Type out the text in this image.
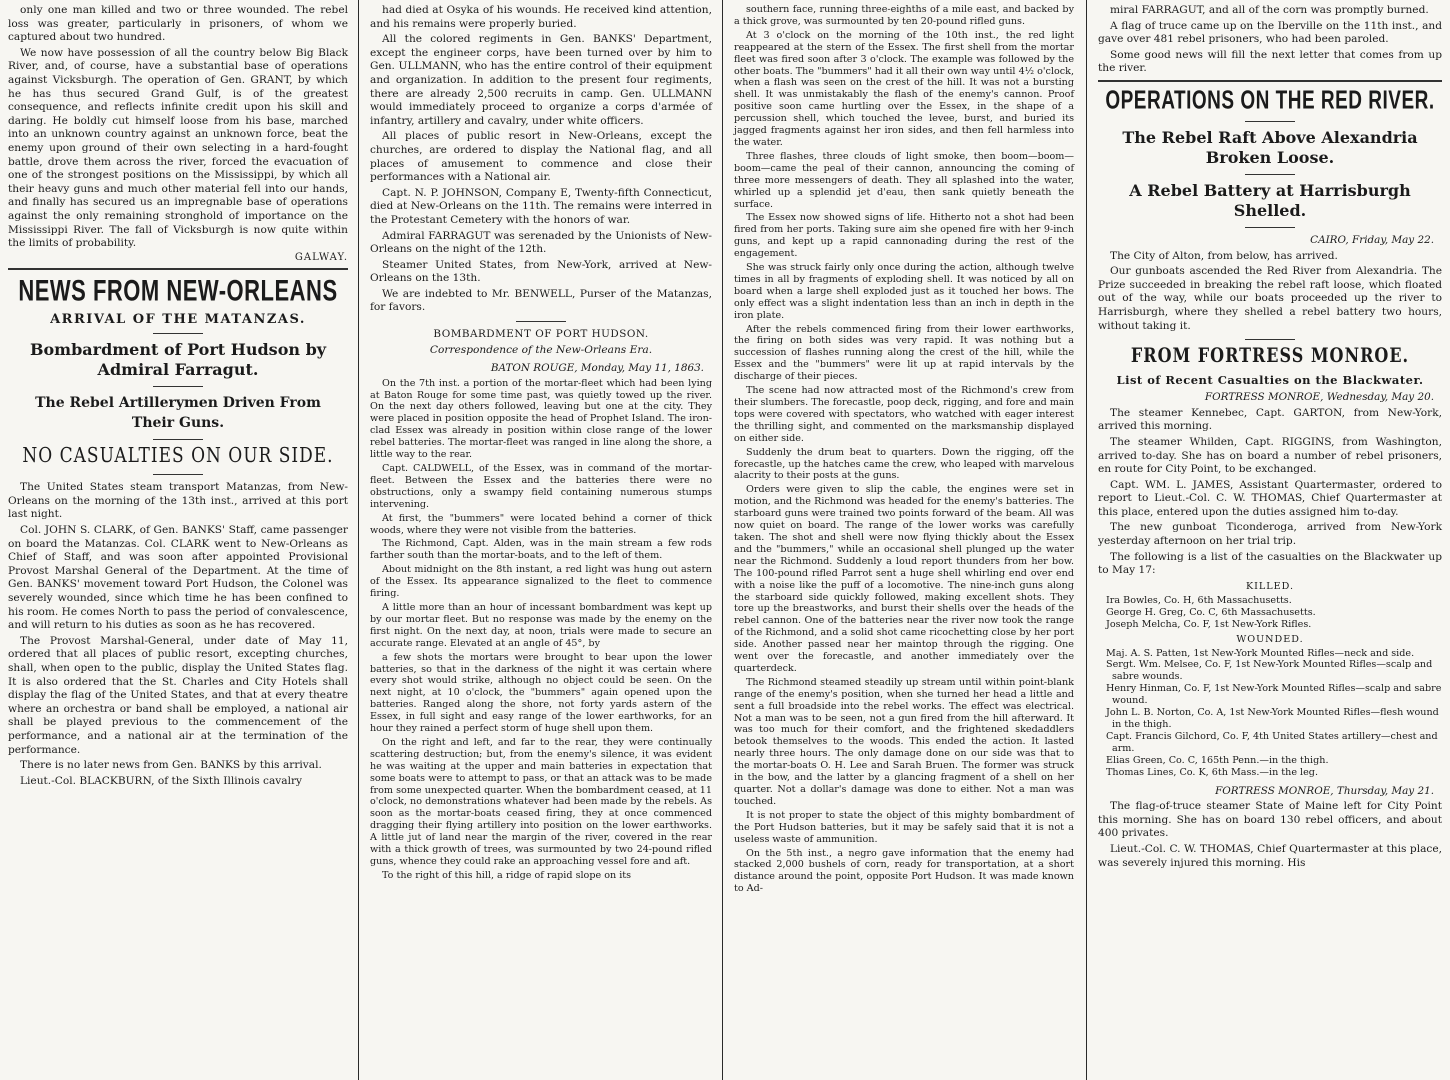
only one man killed and two or three wounded. The rebel loss was greater, particularly in prisoners, of whom we captured about two hundred.

We now have possession of all the country below Big Black River, and, of course, have a substantial base of operations against Vicksburgh. The operation of Gen. GRANT, by which he has thus secured Grand Gulf, is of the greatest consequence, and reflects infinite credit upon his skill and daring. He boldly cut himself loose from his base, marched into an unknown country against an unknown force, beat the enemy upon ground of their own selecting in a hard-fought battle, drove them across the river, forced the evacuation of one of the strongest positions on the Mississippi, by which all their heavy guns and much other material fell into our hands, and finally has secured us an impregnable base of operations against the only remaining stronghold of importance on the Mississippi River. The fall of Vicksburgh is now quite within the limits of probability.

GALWAY.

NEWS FROM NEW-ORLEANS
ARRIVAL OF THE MATANZAS.
Bombardment of Port Hudson by Admiral Farragut.
The Rebel Artillerymen Driven From Their Guns.
NO CASUALTIES ON OUR SIDE.

The United States steam transport Matanzas, from New-Orleans on the morning of the 13th inst., arrived at this port last night.

Col. JOHN S. CLARK, of Gen. BANKS' Staff, came passenger on board the Matanzas. Col. CLARK went to New-Orleans as Chief of Staff, and was soon after appointed Provisional Provost Marshal General of the Department. At the time of Gen. BANKS' movement toward Port Hudson, the Colonel was severely wounded, since which time he has been confined to his room. He comes North to pass the period of convalescence, and will return to his duties as soon as he has recovered.

The Provost Marshal-General, under date of May 11, ordered that all places of public resort, excepting churches, shall, when open to the public, display the United States flag. It is also ordered that the St. Charles and City Hotels shall display the flag of the United States, and that at every theatre where an orchestra or band shall be employed, a national air shall be played previous to the commencement of the performance, and a national air at the termination of the performance.

There is no later news from Gen. BANKS by this arrival.

Lieut.-Col. BLACKBURN, of the Sixth Illinois cavalry

had died at Osyka of his wounds. He received kind attention, and his remains were properly buried.

All the colored regiments in Gen. BANKS' Department, except the engineer corps, have been turned over by him to Gen. ULLMANN, who has the entire control of their equipment and organization. In addition to the present four regiments, there are already 2,500 recruits in camp. Gen. ULLMANN would immediately proceed to organize a corps d'armée of infantry, artillery and cavalry, under white officers.

All places of public resort in New-Orleans, except the churches, are ordered to display the National flag, and all places of amusement to commence and close their performances with a National air.

Capt. N. P. JOHNSON, Company E, Twenty-fifth Connecticut, died at New-Orleans on the 11th. The remains were interred in the Protestant Cemetery with the honors of war.

Admiral FARRAGUT was serenaded by the Unionists of New-Orleans on the night of the 12th.

Steamer United States, from New-York, arrived at New-Orleans on the 13th.

We are indebted to Mr. BENWELL, Purser of the Matanzas, for favors.

BOMBARDMENT OF PORT HUDSON.
Correspondence of the New-Orleans Era.

BATON ROUGE, Monday, May 11, 1863.

On the 7th inst. a portion of the mortar-fleet which had been lying at Baton Rouge for some time past, was quietly towed up the river. On the next day others followed, leaving but one at the city. They were placed in position opposite the head of Prophet Island. The iron-clad Essex was already in position within close range of the lower rebel batteries. The mortar-fleet was ranged in line along the shore, a little way to the rear.

Capt. CALDWELL, of the Essex, was in command of the mortar-fleet. Between the Essex and the batteries there were no obstructions, only a swampy field containing numerous stumps intervening.

At first, the "bummers" were located behind a corner of thick woods, where they were not visible from the batteries.

The Richmond, Capt. Alden, was in the main stream a few rods farther south than the mortar-boats, and to the left of them.

About midnight on the 8th instant, a red light was hung out astern of the Essex. Its appearance signalized to the fleet to commence firing.

A little more than an hour of incessant bombardment was kept up by our mortar fleet. But no response was made by the enemy on the first night. On the next day, at noon, trials were made to secure an accurate range. Elevated at an angle of 45°, by

a few shots the mortars were brought to bear upon the lower batteries, so that in the darkness of the night it was certain where every shot would strike, although no object could be seen. On the next night, at 10 o'clock, the "bummers" again opened upon the batteries. Ranged along the shore, not forty yards astern of the Essex, in full sight and easy range of the lower earthworks, for an hour they rained a perfect storm of huge shell upon them.

On the right and left, and far to the rear, they were continually scattering destruction; but, from the enemy's silence, it was evident he was waiting at the upper and main batteries in expectation that some boats were to attempt to pass, or that an attack was to be made from some unexpected quarter. When the bombardment ceased, at 11 o'clock, no demonstrations whatever had been made by the rebels. As soon as the mortar-boats ceased firing, they at once commenced dragging their flying artillery into position on the lower earthworks. A little jut of land near the margin of the river, covered in the rear with a thick growth of trees, was surmounted by two 24-pound rifled guns, whence they could rake an approaching vessel fore and aft.

To the right of this hill, a ridge of rapid slope on its

southern face, running three-eighths of a mile east, and backed by a thick grove, was surmounted by ten 20-pound rifled guns.

At 3 o'clock on the morning of the 10th inst., the red light reappeared at the stern of the Essex. The first shell from the mortar fleet was fired soon after 3 o'clock. The example was followed by the other boats. The "bummers" had it all their own way until 4½ o'clock, when a flash was seen on the crest of the hill. It was not a bursting shell. It was unmistakably the flash of the enemy's cannon. Proof positive soon came hurtling over the Essex, in the shape of a percussion shell, which touched the levee, burst, and buried its jagged fragments against her iron sides, and then fell harmless into the water.

Three flashes, three clouds of light smoke, then boom—boom—boom—came the peal of their cannon, announcing the coming of three more messengers of death. They all splashed into the water, whirled up a splendid jet d'eau, then sank quietly beneath the surface.

The Essex now showed signs of life. Hitherto not a shot had been fired from her ports. Taking sure aim she opened fire with her 9-inch guns, and kept up a rapid cannonading during the rest of the engagement.

She was struck fairly only once during the action, although twelve times in all by fragments of exploding shell. It was noticed by all on board when a large shell exploded just as it touched her bows. The only effect was a slight indentation less than an inch in depth in the iron plate.

After the rebels commenced firing from their lower earthworks, the firing on both sides was very rapid. It was nothing but a succession of flashes running along the crest of the hill, while the Essex and the "bummers" were lit up at rapid intervals by the discharge of their pieces.

The scene had now attracted most of the Richmond's crew from their slumbers. The forecastle, poop deck, rigging, and fore and main tops were covered with spectators, who watched with eager interest the thrilling sight, and commented on the marksmanship displayed on either side.

Suddenly the drum beat to quarters. Down the rigging, off the forecastle, up the hatches came the crew, who leaped with marvelous alacrity to their posts at the guns.

Orders were given to slip the cable, the engines were set in motion, and the Richmond was headed for the enemy's batteries. The starboard guns were trained two points forward of the beam. All was now quiet on board. The range of the lower works was carefully taken. The shot and shell were now flying thickly about the Essex and the "bummers," while an occasional shell plunged up the water near the Richmond. Suddenly a loud report thunders from her bow. The 100-pound rifled Parrot sent a huge shell whirling end over end with a noise like the puff of a locomotive. The nine-inch guns along the starboard side quickly followed, making excellent shots. They tore up the breastworks, and burst their shells over the heads of the rebel cannon. One of the batteries near the river now took the range of the Richmond, and a solid shot came ricochetting close by her port side. Another passed near her maintop through the rigging. One went over the forecastle, and another immediately over the quarterdeck.

The Richmond steamed steadily up stream until within point-blank range of the enemy's position, when she turned her head a little and sent a full broadside into the rebel works. The effect was electrical. Not a man was to be seen, not a gun fired from the hill afterward. It was too much for their comfort, and the frightened skedaddlers betook themselves to the woods. This ended the action. It lasted nearly three hours. The only damage done on our side was that to the mortar-boats O. H. Lee and Sarah Bruen. The former was struck in the bow, and the latter by a glancing fragment of a shell on her quarter. Not a dollar's damage was done to either. Not a man was touched.

It is not proper to state the object of this mighty bombardment of the Port Hudson batteries, but it may be safely said that it is not a useless waste of ammunition.

On the 5th inst., a negro gave information that the enemy had stacked 2,000 bushels of corn, ready for transportation, at a short distance around the point, opposite Port Hudson. It was made known to Ad-

miral FARRAGUT, and all of the corn was promptly burned.

A flag of truce came up on the Iberville on the 11th inst., and gave over 481 rebel prisoners, who had been paroled.

Some good news will fill the next letter that comes from up the river.

OPERATIONS ON THE RED RIVER.
The Rebel Raft Above Alexandria Broken Loose.
A Rebel Battery at Harrisburgh Shelled.

CAIRO, Friday, May 22.

The City of Alton, from below, has arrived.

Our gunboats ascended the Red River from Alexandria. The Prize succeeded in breaking the rebel raft loose, which floated out of the way, while our boats proceeded up the river to Harrisburgh, where they shelled a rebel battery two hours, without taking it.

FROM FORTRESS MONROE.
List of Recent Casualties on the Blackwater.

FORTRESS MONROE, Wednesday, May 20.

The steamer Kennebec, Capt. GARTON, from New-York, arrived this morning.

The steamer Whilden, Capt. RIGGINS, from Washington, arrived to-day. She has on board a number of rebel prisoners, en route for City Point, to be exchanged.

Capt. WM. L. JAMES, Assistant Quartermaster, ordered to report to Lieut.-Col. C. W. THOMAS, Chief Quartermaster at this place, entered upon the duties assigned him to-day.

The new gunboat Ticonderoga, arrived from New-York yesterday afternoon on her trial trip.

The following is a list of the casualties on the Blackwater up to May 17:

KILLED.
Ira Bowles, Co. H, 6th Massachusetts.
George H. Greg, Co. C, 6th Massachusetts.
Joseph Melcha, Co. F, 1st New-York Rifles.
WOUNDED.
Maj. A. S. Patten, 1st New-York Mounted Rifles—neck and side.
Sergt. Wm. Melsee, Co. F, 1st New-York Mounted Rifles—scalp and sabre wounds.
Henry Hinman, Co. F, 1st New-York Mounted Rifles—scalp and sabre wound.
John L. B. Norton, Co. A, 1st New-York Mounted Rifles—flesh wound in the thigh.
Capt. Francis Gilchord, Co. F, 4th United States artillery—chest and arm.
Elias Green, Co. C, 165th Penn.—in the thigh.
Thomas Lines, Co. K, 6th Mass.—in the leg.

FORTRESS MONROE, Thursday, May 21.

The flag-of-truce steamer State of Maine left for City Point this morning. She has on board 130 rebel officers, and about 400 privates.

Lieut.-Col. C. W. THOMAS, Chief Quartermaster at this place, was severely injured this morning. His
